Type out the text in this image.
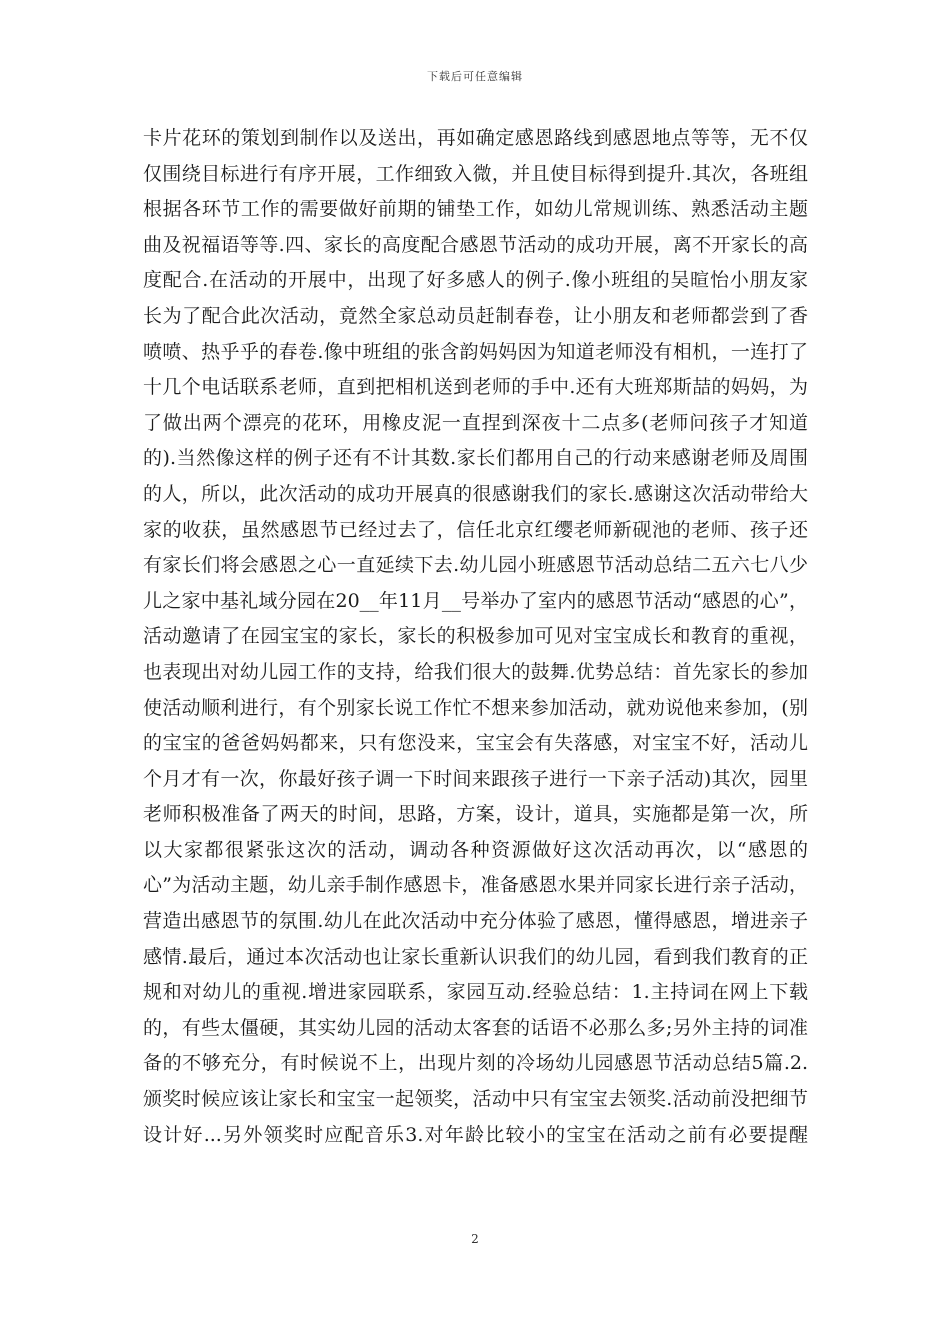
下载后可任意编辑
卡片花环的策划到制作以及送出，再如确定感恩路线到感恩地点等等，无不仅
仅围绕目标进行有序开展，工作细致入微，并且使目标得到提升.其次，各班组
根据各环节工作的需要做好前期的铺垫工作，如幼儿常规训练、熟悉活动主题
曲及祝福语等等.四、家长的高度配合感恩节活动的成功开展，离不开家长的高
度配合.在活动的开展中，出现了好多感人的例子.像小班组的吴暄怡小朋友家
长为了配合此次活动，竟然全家总动员赶制春卷，让小朋友和老师都尝到了香
喷喷、热乎乎的春卷.像中班组的张含韵妈妈因为知道老师没有相机，一连打了
十几个电话联系老师，直到把相机送到老师的手中.还有大班郑斯喆的妈妈，为
了做出两个漂亮的花环，用橡皮泥一直捏到深夜十二点多(老师问孩子才知道
的).当然像这样的例子还有不计其数.家长们都用自己的行动来感谢老师及周围
的人，所以，此次活动的成功开展真的很感谢我们的家长.感谢这次活动带给大
家的收获，虽然感恩节已经过去了，信任北京红缨老师新砚池的老师、孩子还
有家长们将会感恩之心一直延续下去.幼儿园小班感恩节活动总结二五六七八少
儿之家中基礼域分园在20__年11月__号举办了室内的感恩节活动“感恩的心”，
活动邀请了在园宝宝的家长，家长的积极参加可见对宝宝成长和教育的重视，
也表现出对幼儿园工作的支持，给我们很大的鼓舞.优势总结：首先家长的参加
使活动顺利进行，有个别家长说工作忙不想来参加活动，就劝说他来参加，(别
的宝宝的爸爸妈妈都来，只有您没来，宝宝会有失落感，对宝宝不好，活动儿
个月才有一次，你最好孩子调一下时间来跟孩子进行一下亲子活动)其次，园里
老师积极准备了两天的时间，思路，方案，设计，道具，实施都是第一次，所
以大家都很紧张这次的活动，调动各种资源做好这次活动再次，以“感恩的
心”为活动主题，幼儿亲手制作感恩卡，准备感恩水果并同家长进行亲子活动，
营造出感恩节的氛围.幼儿在此次活动中充分体验了感恩，懂得感恩，增进亲子
感情.最后，通过本次活动也让家长重新认识我们的幼儿园，看到我们教育的正
规和对幼儿的重视.增进家园联系，家园互动.经验总结：1.主持词在网上下载
的，有些太僵硬，其实幼儿园的活动太客套的话语不必那么多;另外主持的词准
备的不够充分，有时候说不上，出现片刻的冷场幼儿园感恩节活动总结5篇.2.
颁奖时候应该让家长和宝宝一起领奖，活动中只有宝宝去领奖.活动前没把细节
设计好...另外领奖时应配音乐3.对年龄比较小的宝宝在活动之前有必要提醒
2
